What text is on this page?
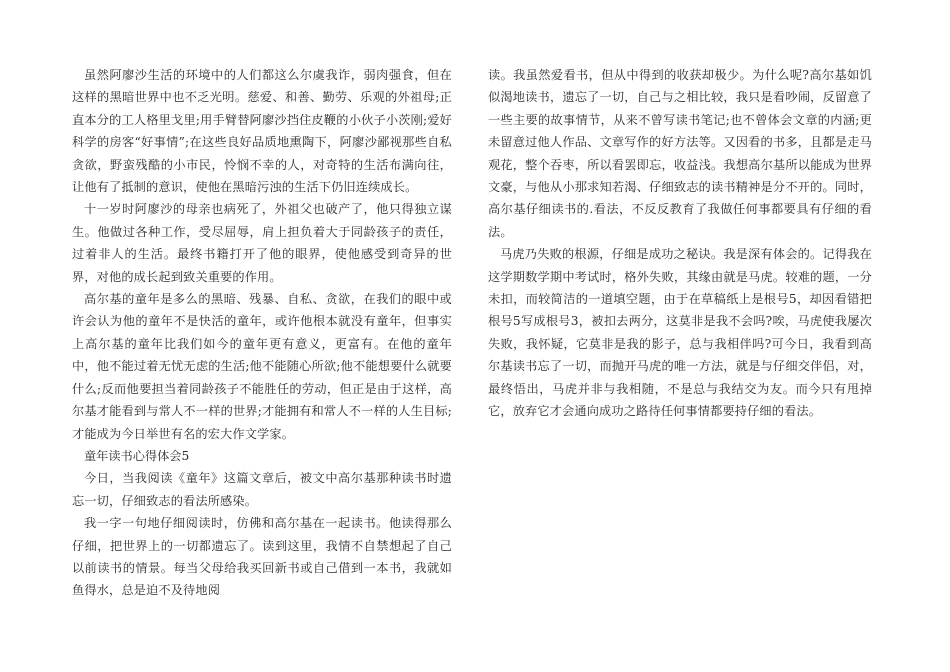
虽然阿廖沙生活的环境中的人们都这么尔虞我诈，弱肉强食，但在这样的黑暗世界中也不乏光明。慈爱、和善、勤劳、乐观的外祖母;正直本分的工人格里戈里;用手臂替阿廖沙挡住皮鞭的小伙子小茨刚;爱好科学的房客“好事情”;在这些良好品质地熏陶下，阿廖沙鄙视那些自私贪欲，野蛮残酷的小市民，怜悯不幸的人，对奇特的生活布满向往，让他有了抵制的意识，使他在黑暗污浊的生活下仍旧连续成长。

十一岁时阿廖沙的母亲也病死了，外祖父也破产了，他只得独立谋生。他做过各种工作，受尽屈辱，肩上担负着大于同龄孩子的责任，过着非人的生活。最终书籍打开了他的眼界，使他感受到奇异的世界，对他的成长起到致关重要的作用。

高尔基的童年是多么的黑暗、残暴、自私、贪欲，在我们的眼中或许会认为他的童年不是快活的童年，或许他根本就没有童年，但事实上高尔基的童年比我们如今的童年更有意义，更富有。在他的童年中，他不能过着无忧无虑的生活;他不能随心所欲;他不能想要什么就要什么;反而他要担当着同龄孩子不能胜任的劳动，但正是由于这样，高尔基才能看到与常人不一样的世界;才能拥有和常人不一样的人生目标;才能成为今日举世有名的宏大作文学家。

童年读书心得体会5

今日，当我阅读《童年》这篇文章后，被文中高尔基那种读书时遗忘一切，仔细致志的看法所感染。

我一字一句地仔细阅读时，仿佛和高尔基在一起读书。他读得那么仔细，把世界上的一切都遗忘了。读到这里，我情不自禁想起了自己以前读书的情景。每当父母给我买回新书或自己借到一本书，我就如鱼得水，总是迫不及待地阅

读。我虽然爱看书，但从中得到的收获却极少。为什么呢?高尔基如饥似渴地读书，遗忘了一切，自己与之相比较，我只是看吵闹，反留意了一些主要的故事情节，从来不曾写读书笔记;也不曾体会文章的内涵;更未留意过他人作品、文章写作的好方法等。又因看的书多，且都是走马观花，整个吞枣，所以看罢即忘，收益浅。我想高尔基所以能成为世界文豪，与他从小那求知若渴、仔细致志的读书精神是分不开的。同时，高尔基仔细读书的.看法，不反反教育了我做任何事都要具有仔细的看法。

马虎乃失败的根源，仔细是成功之秘诀。我是深有体会的。记得我在这学期数学期中考试时，格外失败，其缘由就是马虎。较难的题，一分未扣，而较简洁的一道填空题，由于在草稿纸上是根号5，却因看错把根号5写成根号3，被扣去两分，这莫非是我不会吗?唉，马虎使我屡次失败，我怀疑，它莫非是我的影子，总与我相伴吗?可今日，我看到高尔基读书忘了一切，而抛开马虎的唯一方法，就是与仔细交伴侣，对，最终悟出，马虎并非与我相随，不是总与我结交为友。而今只有甩掉它，放弃它才会通向成功之路待任何事情都要持仔细的看法。
